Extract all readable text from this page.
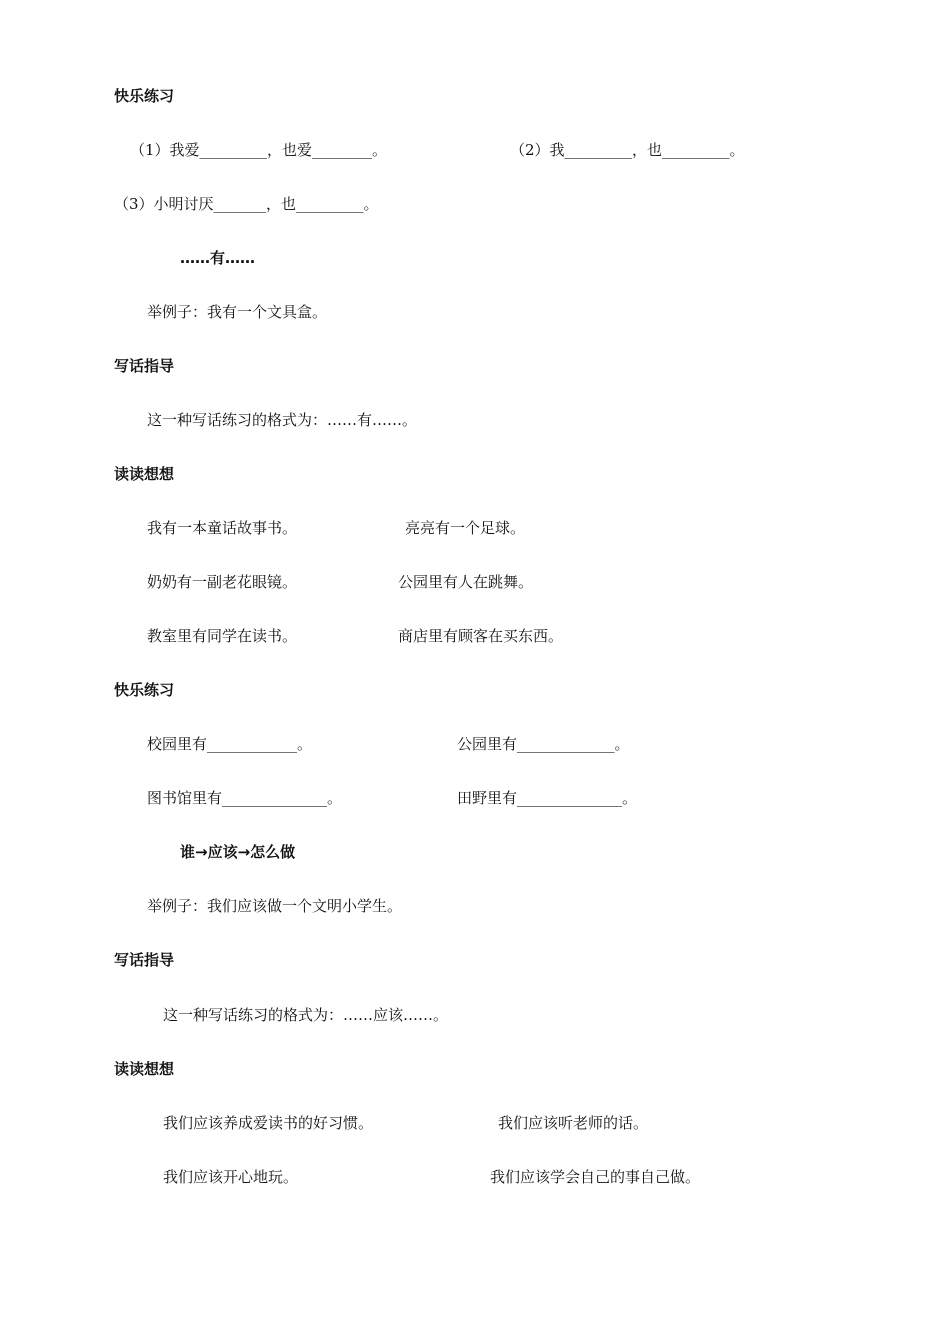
快乐练习
（1）我爱_________，也爱________。	（2）我_________，也_________。
（3）小明讨厌_______，也_________。
……有……
举例子：我有一个文具盒。
写话指导
这一种写话练习的格式为：……有……。
读读想想
我有一本童话故事书。	亮亮有一个足球。
奶奶有一副老花眼镜。	公园里有人在跳舞。
教室里有同学在读书。	商店里有顾客在买东西。
快乐练习
校园里有____________。	公园里有_____________。
图书馆里有______________。	田野里有______________。
谁→应该→怎么做
举例子：我们应该做一个文明小学生。
写话指导
这一种写话练习的格式为：……应该……。
读读想想
我们应该养成爱读书的好习惯。	我们应该听老师的话。
我们应该开心地玩。	我们应该学会自己的事自己做。
